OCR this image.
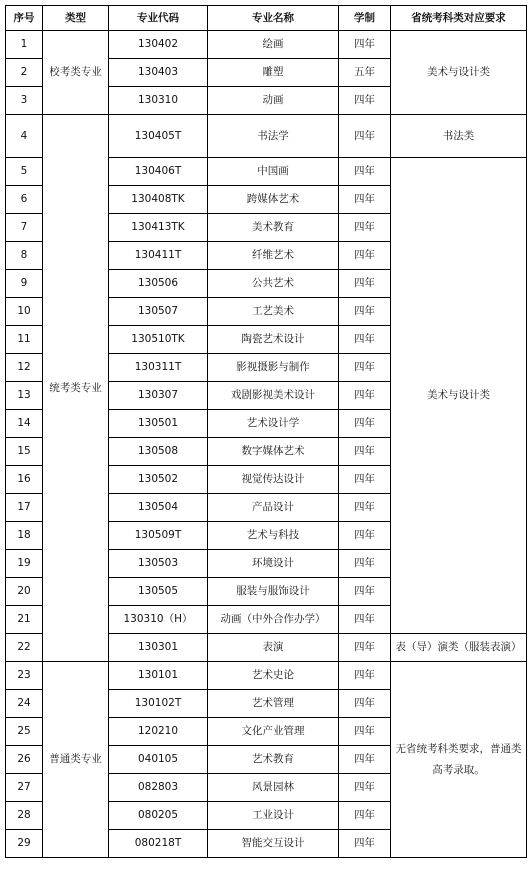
序号	类型	专业代码	专业名称	学制	省统考科类对应要求
1	校考类专业	130402	绘画	四年	美术与设计类
2		130403	雕塑	五年	
3		130310	动画	四年	
4	统考类专业	130405T	书法学	四年	书法类
5		130406T	中国画	四年	美术与设计类
6		130408TK	跨媒体艺术	四年	
7		130413TK	美术教育	四年	
8		130411T	纤维艺术	四年	
9		130506	公共艺术	四年	
10		130507	工艺美术	四年	
11		130510TK	陶瓷艺术设计	四年	
12		130311T	影视摄影与制作	四年	
13		130307	戏剧影视美术设计	四年	
14		130501	艺术设计学	四年	
15		130508	数字媒体艺术	四年	
16		130502	视觉传达设计	四年	
17		130504	产品设计	四年	
18		130509T	艺术与科技	四年	
19		130503	环境设计	四年	
20		130505	服装与服饰设计	四年	
21		130310（H）	动画（中外合作办学）	四年	
22		130301	表演	四年	表（导）演类（服装表演）
23	普通类专业	130101	艺术史论	四年	无省统考科类要求，普通类
高考录取。

24		130102T	艺术管理	四年	
25		120210	文化产业管理	四年	
26		040105	艺术教育	四年	
27		082803	风景园林	四年	
28		080205	工业设计	四年	
29		080218T	智能交互设计	四年	
